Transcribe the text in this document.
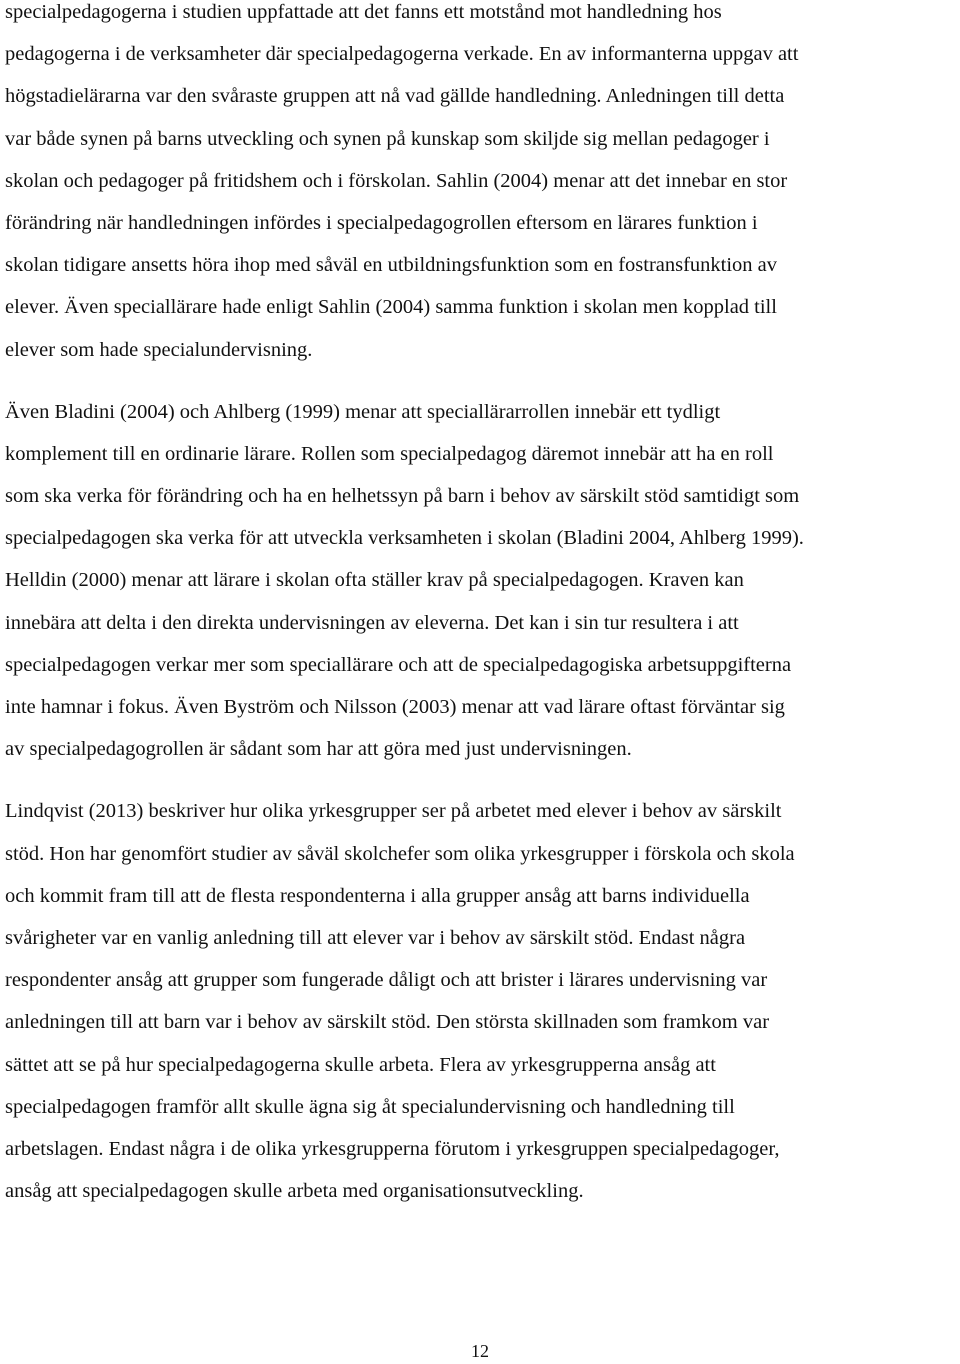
specialpedagogerna i studien uppfattade att det fanns ett motstånd mot handledning hos
pedagogerna i de verksamheter där specialpedagogerna verkade. En av informanterna uppgav att
högstadielärarna var den svåraste gruppen att nå vad gällde handledning. Anledningen till detta
var både synen på barns utveckling och synen på kunskap som skiljde sig mellan pedagoger i
skolan och pedagoger på fritidshem och i förskolan. Sahlin (2004) menar att det innebar en stor
förändring när handledningen infördes i specialpedagogrollen eftersom en lärares funktion i
skolan tidigare ansetts höra ihop med såväl en utbildningsfunktion som en fostransfunktion av
elever. Även speciallärare hade enligt Sahlin (2004) samma funktion i skolan men kopplad till
elever som hade specialundervisning.
Även Bladini (2004) och Ahlberg (1999) menar att speciallärarrollen innebär ett tydligt
komplement till en ordinarie lärare. Rollen som specialpedagog däremot innebär att ha en roll
som ska verka för förändring och ha en helhetssyn på barn i behov av särskilt stöd samtidigt som
specialpedagogen ska verka för att utveckla verksamheten i skolan (Bladini 2004, Ahlberg 1999).
Helldin (2000) menar att lärare i skolan ofta ställer krav på specialpedagogen. Kraven kan
innebära att delta i den direkta undervisningen av eleverna. Det kan i sin tur resultera i att
specialpedagogen verkar mer som speciallärare och att de specialpedagogiska arbetsuppgifterna
inte hamnar i fokus. Även Byström och Nilsson (2003) menar att vad lärare oftast förväntar sig
av specialpedagogrollen är sådant som har att göra med just undervisningen.
Lindqvist (2013) beskriver hur olika yrkesgrupper ser på arbetet med elever i behov av särskilt
stöd. Hon har genomfört studier av såväl skolchefer som olika yrkesgrupper i förskola och skola
och kommit fram till att de flesta respondenterna i alla grupper ansåg att barns individuella
svårigheter var en vanlig anledning till att elever var i behov av särskilt stöd. Endast några
respondenter ansåg att grupper som fungerade dåligt och att brister i lärares undervisning var
anledningen till att barn var i behov av särskilt stöd. Den största skillnaden som framkom var
sättet att se på hur specialpedagogerna skulle arbeta. Flera av yrkesgrupperna ansåg att
specialpedagogen framför allt skulle ägna sig åt specialundervisning och handledning till
arbetslagen. Endast några i de olika yrkesgrupperna förutom i yrkesgruppen specialpedagoger,
ansåg att specialpedagogen skulle arbeta med organisationsutveckling.
12
